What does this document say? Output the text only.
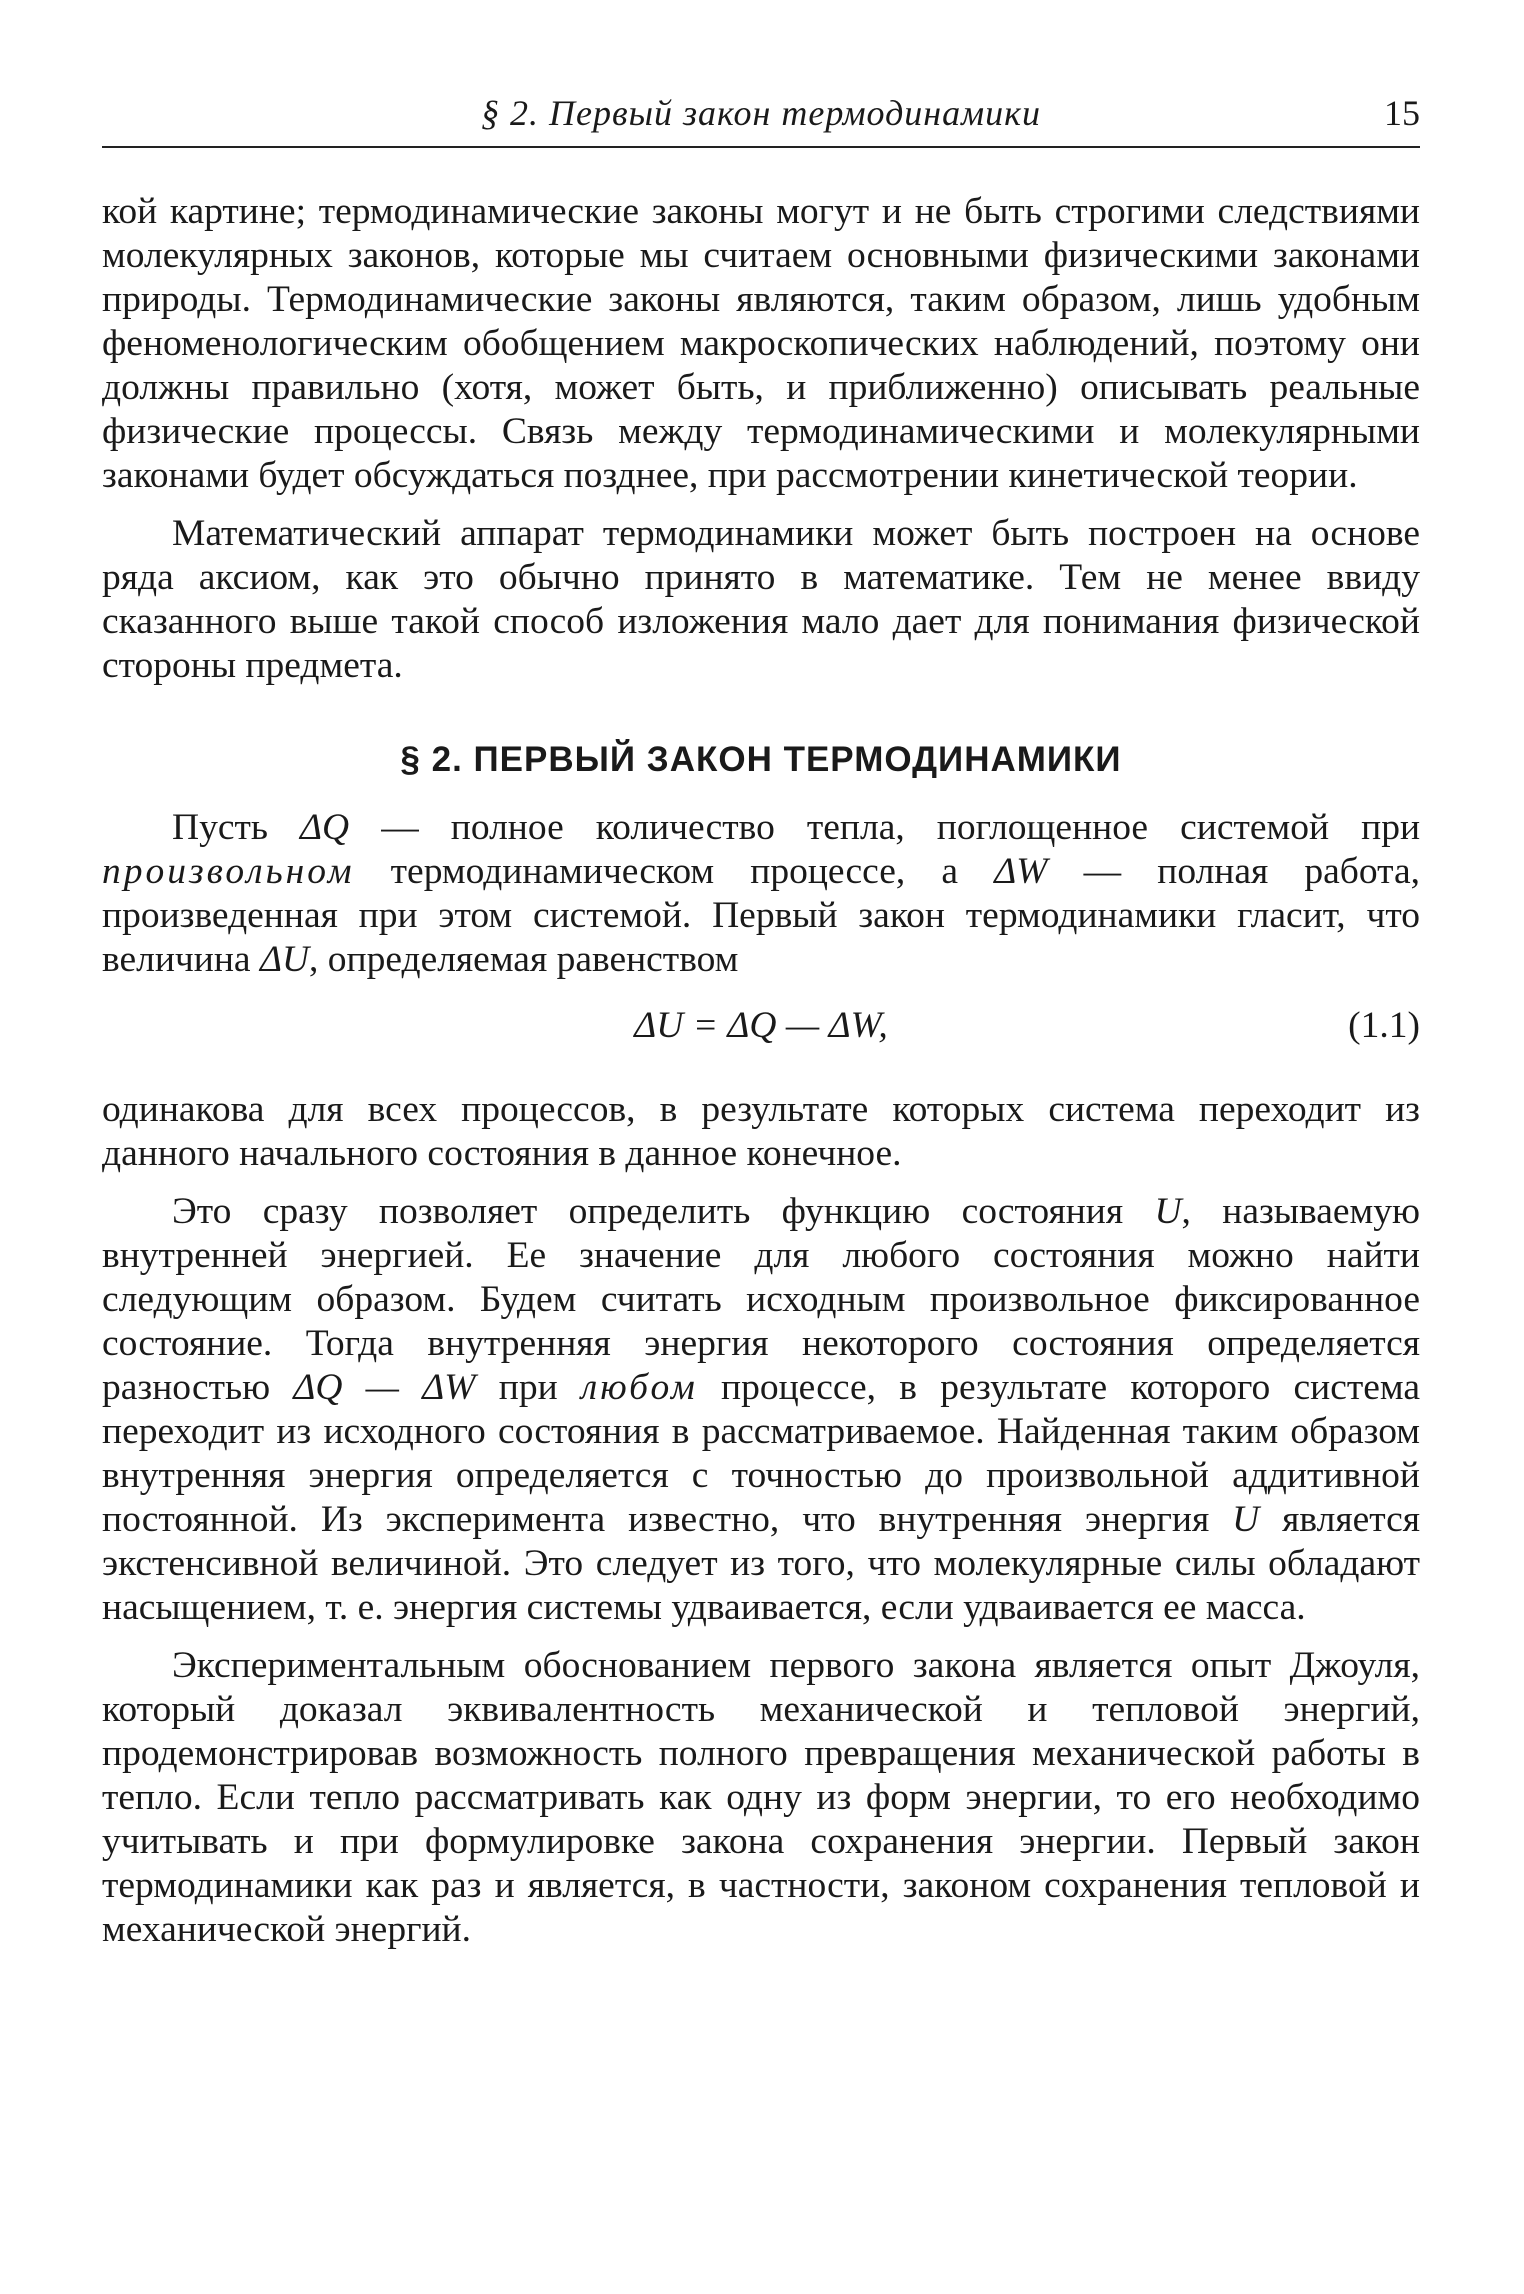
§ 2. Первый закон термодинамики	15

кой картине; термодинамические законы могут и не быть строгими следствиями молекулярных законов, которые мы считаем основными физическими законами природы. Термодинамические законы являются, таким образом, лишь удобным феноменологическим обобщением макроскопических наблюдений, поэтому они должны правильно (хотя, может быть, и приближенно) описывать реальные физические процессы. Связь между термодинамическими и молекулярными законами будет обсуждаться позднее, при рассмотрении кинетической теории.

Математический аппарат термодинамики может быть построен на основе ряда аксиом, как это обычно принято в математике. Тем не менее ввиду сказанного выше такой способ изложения мало дает для понимания физической стороны предмета.

§ 2. ПЕРВЫЙ ЗАКОН ТЕРМОДИНАМИКИ

Пусть ΔQ — полное количество тепла, поглощенное системой при произвольном термодинамическом процессе, а ΔW — полная работа, произведенная при этом системой. Первый закон термодинамики гласит, что величина ΔU, определяемая равенством

ΔU = ΔQ — ΔW,	(1.1)

одинакова для всех процессов, в результате которых система переходит из данного начального состояния в данное конечное.

Это сразу позволяет определить функцию состояния U, называемую внутренней энергией. Ее значение для любого состояния можно найти следующим образом. Будем считать исходным произвольное фиксированное состояние. Тогда внутренняя энергия некоторого состояния определяется разностью ΔQ — ΔW при любом процессе, в результате которого система переходит из исходного состояния в рассматриваемое. Найденная таким образом внутренняя энергия определяется с точностью до произвольной аддитивной постоянной. Из эксперимента известно, что внутренняя энергия U является экстенсивной величиной. Это следует из того, что молекулярные силы обладают насыщением, т. е. энергия системы удваивается, если удваивается ее масса.

Экспериментальным обоснованием первого закона является опыт Джоуля, который доказал эквивалентность механической и тепловой энергий, продемонстрировав возможность полного превращения механической работы в тепло. Если тепло рассматривать как одну из форм энергии, то его необходимо учитывать и при формулировке закона сохранения энергии. Первый закон термодинамики как раз и является, в частности, законом сохранения тепловой и механической энергий.
